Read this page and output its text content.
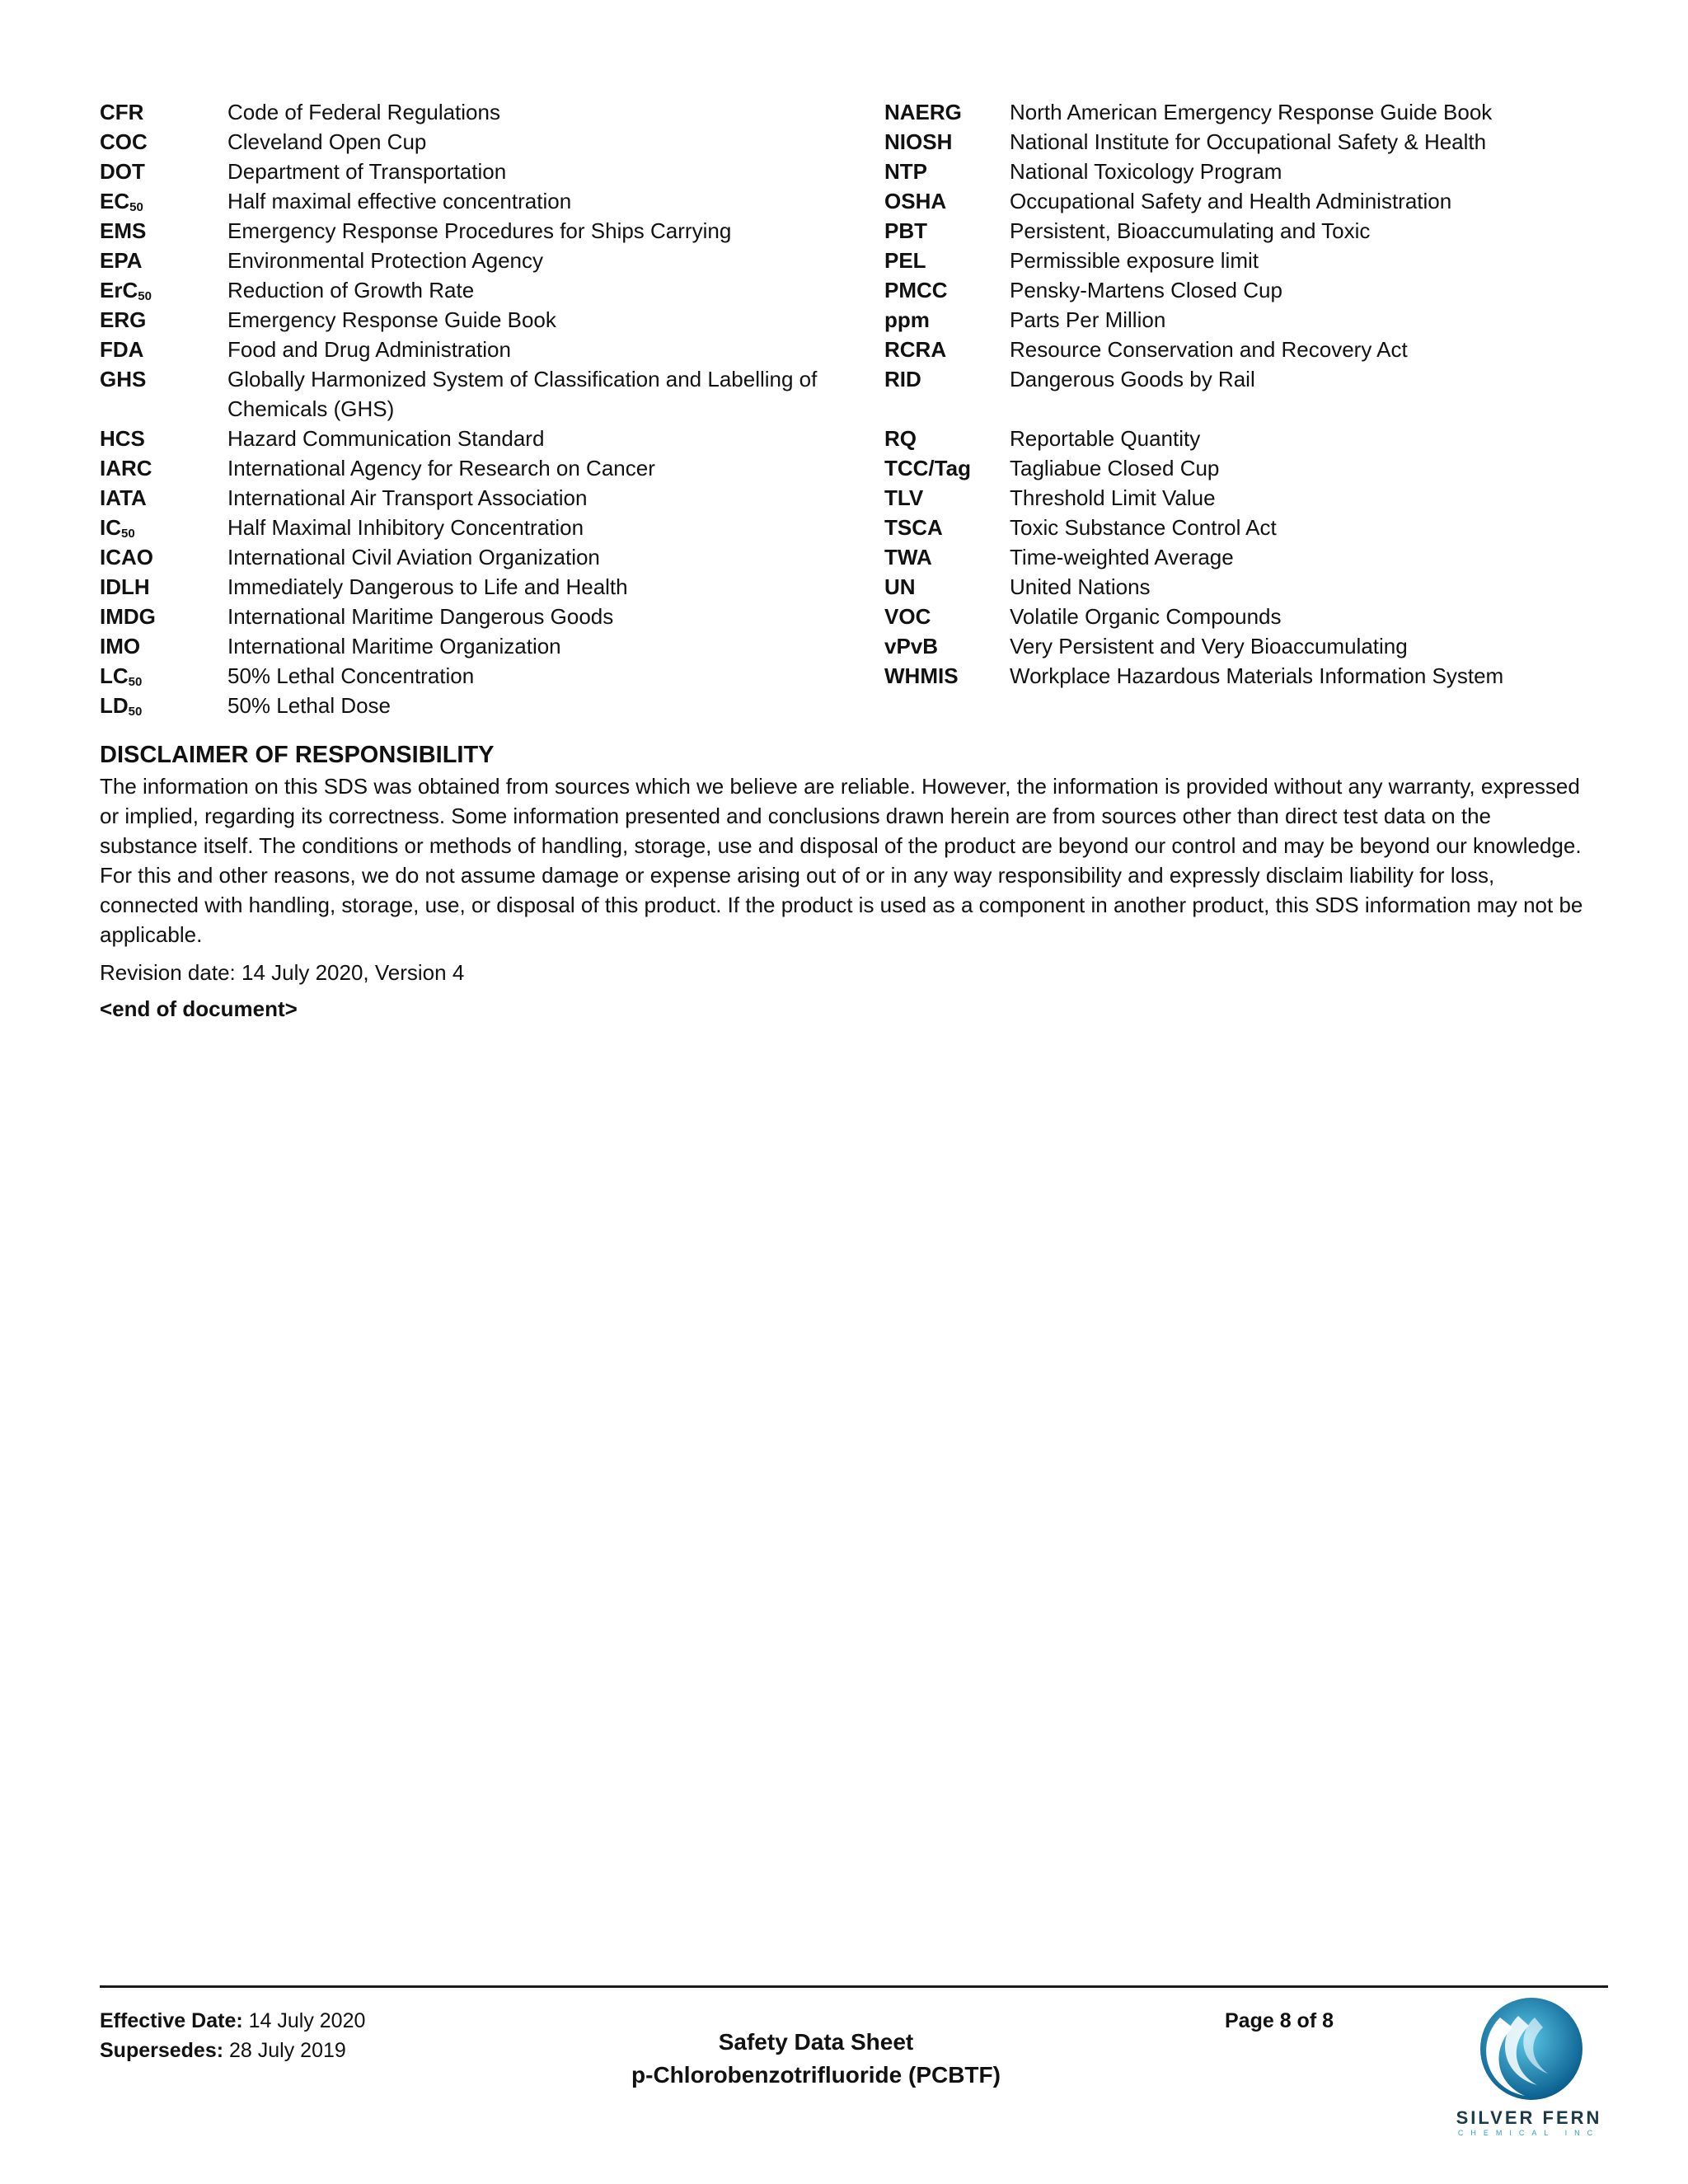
CFR	Code of Federal Regulations
COC	Cleveland Open Cup
DOT	Department of Transportation
$EC_{50}$	Half maximal effective concentration
EMS	Emergency Response Procedures for Ships Carrying
EPA	Environmental Protection Agency
ErC$_{50}$	Reduction of Growth Rate
ERG	Emergency Response Guide Book
FDA	Food and Drug Administration
GHS	Globally Harmonized System of Classification and Labelling of Chemicals (GHS)
HCS	Hazard Communication Standard
IARC	International Agency for Research on Cancer
IATA	International Air Transport Association
$IC_{50}$	Half Maximal Inhibitory Concentration
ICAO	International Civil Aviation Organization
IDLH	Immediately Dangerous to Life and Health
IMDG	International Maritime Dangerous Goods
IMO	International Maritime Organization
$LC_{50}$	50% Lethal Concentration
$LD_{50}$	50% Lethal Dose
NAERG	North American Emergency Response Guide Book
NIOSH	National Institute for Occupational Safety & Health
NTP	National Toxicology Program
OSHA	Occupational Safety and Health Administration
PBT	Persistent, Bioaccumulating and Toxic
PEL	Permissible exposure limit
PMCC	Pensky-Martens Closed Cup
ppm	Parts Per Million
RCRA	Resource Conservation and Recovery Act
RID	Dangerous Goods by Rail

RQ	Reportable Quantity
TCC/Tag	Tagliabue Closed Cup
TLV	Threshold Limit Value
TSCA	Toxic Substance Control Act
TWA	Time-weighted Average
UN	United Nations
VOC	Volatile Organic Compounds
vPvB	Very Persistent and Very Bioaccumulating
WHMIS	Workplace Hazardous Materials Information System

DISCLAIMER OF RESPONSIBILITY

The information on this SDS was obtained from sources which we believe are reliable. However, the information is provided without any warranty, expressed or implied, regarding its correctness. Some information presented and conclusions drawn herein are from sources other than direct test data on the substance itself. The conditions or methods of handling, storage, use and disposal of the product are beyond our control and may be beyond our knowledge. For this and other reasons, we do not assume damage or expense arising out of or in any way responsibility and expressly disclaim liability for loss, connected with handling, storage, use, or disposal of this product. If the product is used as a component in another product, this SDS information may not be applicable.

Revision date: 14 July 2020, Version 4
<end of document>
Effective Date: 14 July 2020
Supersedes: 28 July 2019	Safety Data Sheet
p-Chlorobenzotrifluoride (PCBTF)
Page 8 of 8
SILVER FERN
CHEMICAL INC
